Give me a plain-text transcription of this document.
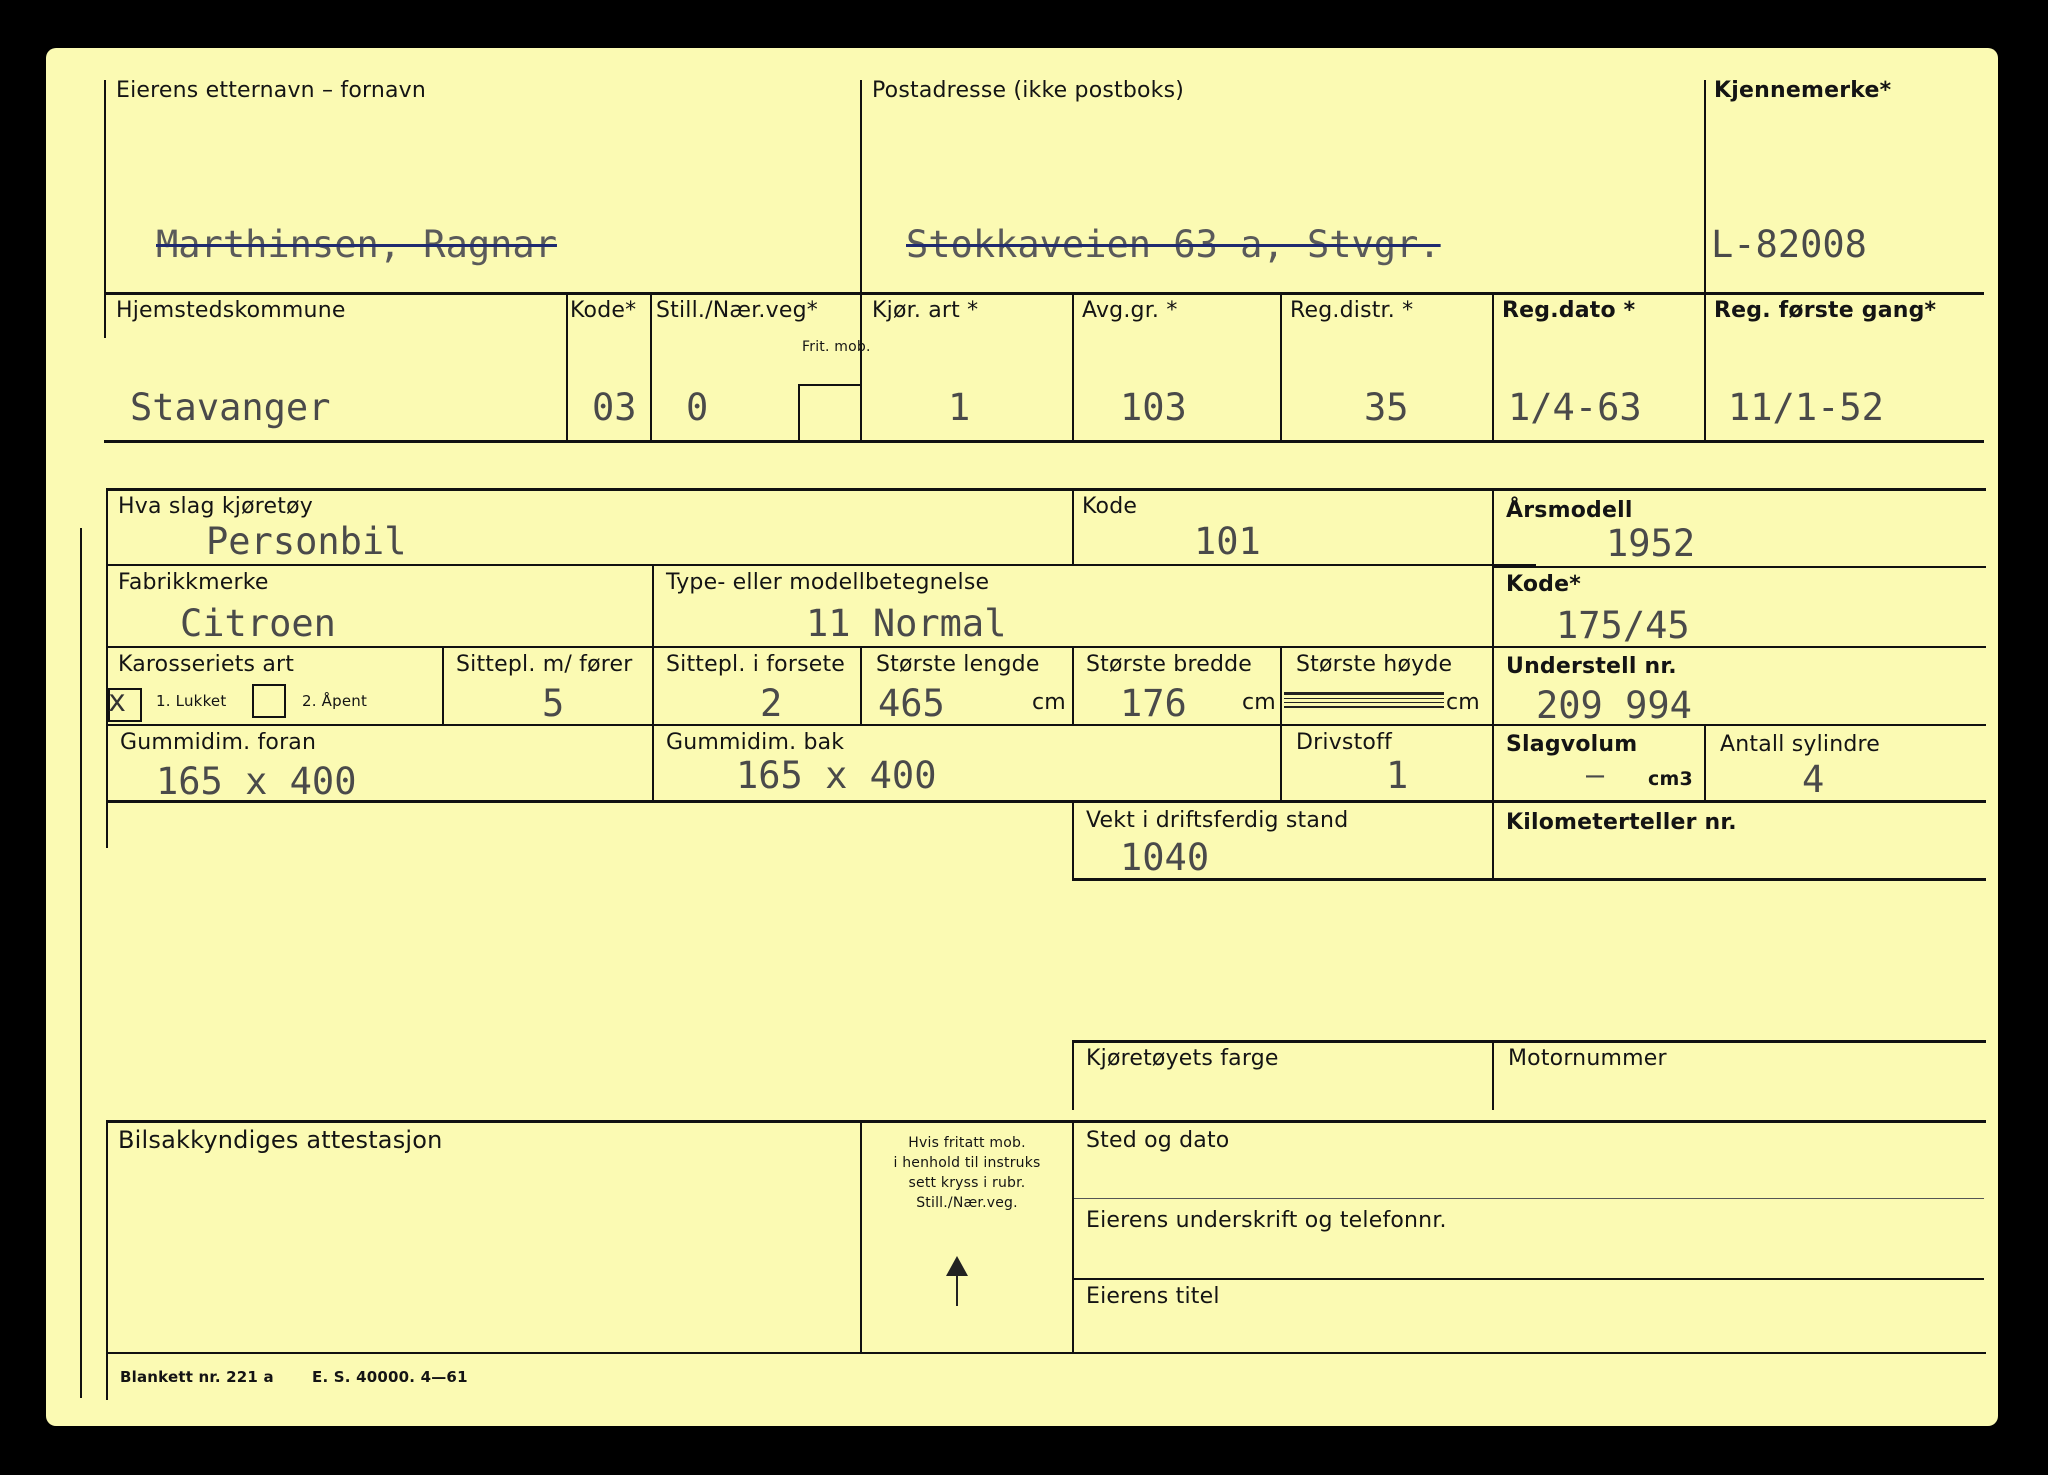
Eierens etternavn – fornavn
Marthinsen, Ragnar
Postadresse (ikke postboks)
Stokkaveien 63 a, Stvgr.
Kjennemerke*
L-82008
Hjemstedskommune
Stavanger
Kode*
03
Still./Nær.veg*
0
Frit. mob.
Kjør. art *
1
Avg.gr. *
103
Reg.distr. *
35
Reg.dato *
1/4-63
Reg. første gang*
11/1-52
Hva slag kjøretøy
Personbil
Kode
101
Årsmodell
1952
Fabrikkmerke
Citroen
Type- eller modellbetegnelse
11 Normal
Kode*
175/45
Karosseriets art
x 1. Lukket	2. Åpent
Sittepl. m/ fører
5
Sittepl. i forsete
2
Største lengde
465	cm
Største bredde
176	cm
Største høyde
cm
Understell nr.
209 994
Gummidim. foran
165 x 400
Gummidim. bak
165 x 400
Drivstoff
1
Slagvolum
– cm3
Antall sylindre
4
Vekt i driftsferdig stand
1040
Kilometerteller nr.
Kjøretøyets farge	Motornummer
Bilsakkyndiges attestasjon	Hvis fritatt mob.
i henhold til instruks
sett kryss i rubr.
Still./Nær.veg.
Sted og dato
Eierens underskrift og telefonnr.
Eierens titel
Blankett nr. 221 a	E. S. 40000. 4—61
